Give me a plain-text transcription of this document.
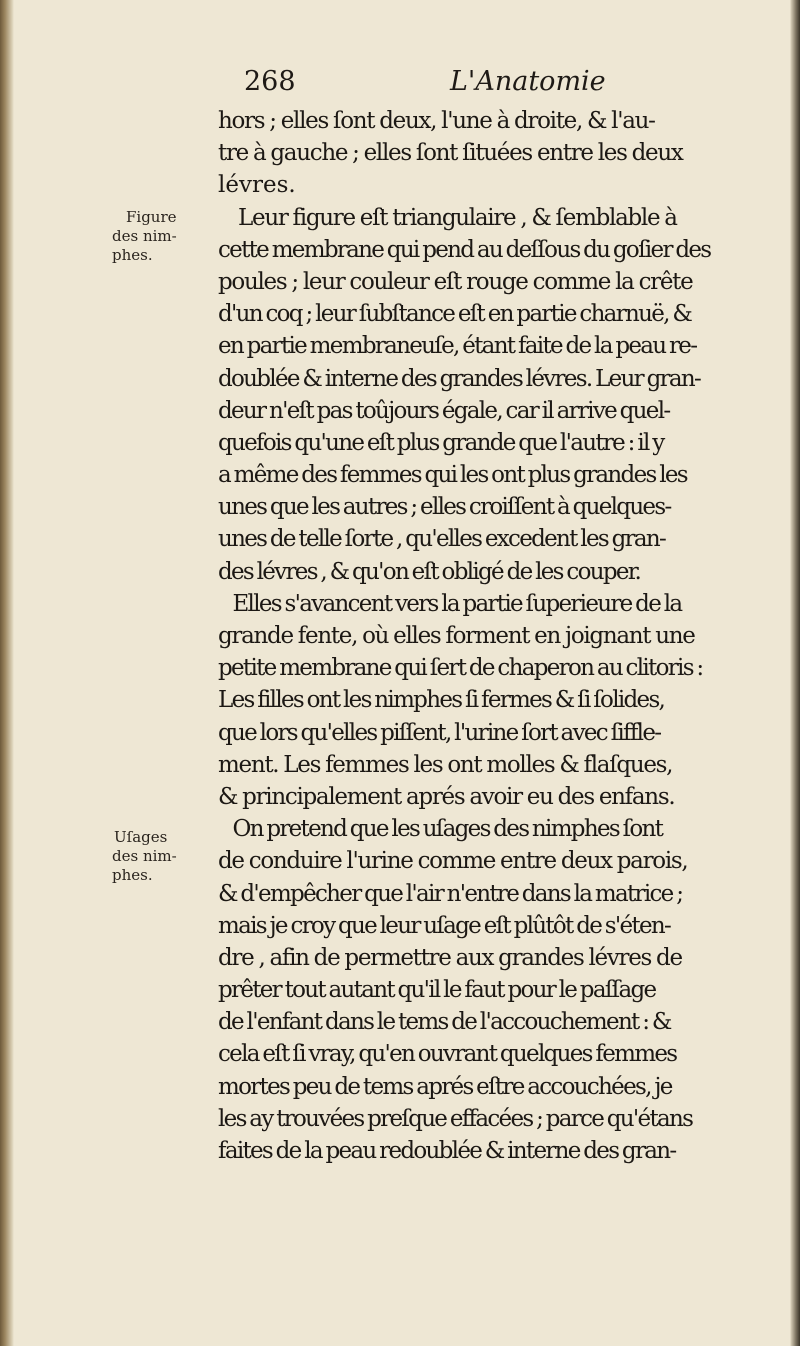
268	L'Anatomie
Figure
des nim-
phes.
Uſages
des nim-
phes.
hors ; elles ſont deux, l'une à droite, & l'au-
tre à gauche ; elles ſont ſituées entre les deux
lévres.
Leur figure eſt triangulaire , & ſemblable à
cette membrane qui pend au deſſous du goſier des
poules ; leur couleur eſt rouge comme la crête
d'un coq ; leur ſubſtance eſt en partie charnuë, &
en partie membraneuſe, étant faite de la peau re-
doublée & interne des grandes lévres. Leur gran-
deur n'eſt pas toûjours égale, car il arrive quel-
quefois qu'une eſt plus grande que l'autre : il y
a même des femmes qui les ont plus grandes les
unes que les autres ; elles croiſſent à quelques-
unes de telle ſorte , qu'elles excedent les gran-
des lévres , & qu'on eſt obligé de les couper.
Elles s'avancent vers la partie ſuperieure de la
grande fente, où elles forment en joignant une
petite membrane qui ſert de chaperon au clitoris :
Les filles ont les nimphes ſi fermes & ſi ſolides,
que lors qu'elles piſſent, l'urine ſort avec ſiffle-
ment. Les femmes les ont molles & flaſques,
& principalement aprés avoir eu des enfans.
On pretend que les uſages des nimphes ſont
de conduire l'urine comme entre deux parois,
& d'empêcher que l'air n'entre dans la matrice ;
mais je croy que leur uſage eſt plûtôt de s'éten-
dre , afin de permettre aux grandes lévres de
prêter tout autant qu'il le faut pour le paſſage
de l'enfant dans le tems de l'accouchement : &
cela eſt ſi vray, qu'en ouvrant quelques femmes
mortes peu de tems aprés eſtre accouchées, je
les ay trouvées preſque effacées ; parce qu'étans
faites de la peau redoublée & interne des gran-
